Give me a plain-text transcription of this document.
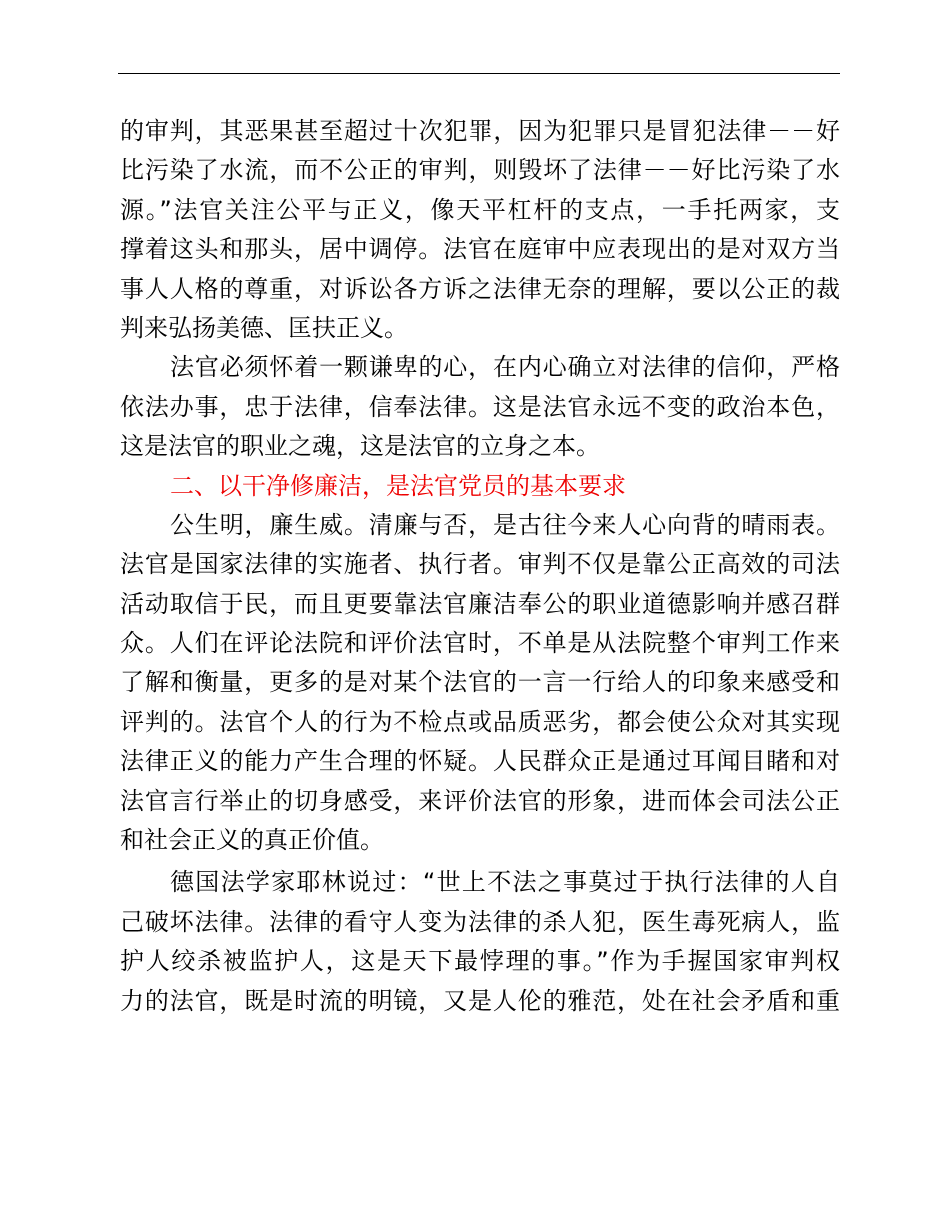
的审判，其恶果甚至超过十次犯罪，因为犯罪只是冒犯法律－－好
比污染了水流，而不公正的审判，则毁坏了法律－－好比污染了水
源。”法官关注公平与正义，像天平杠杆的支点，一手托两家，支
撑着这头和那头，居中调停。法官在庭审中应表现出的是对双方当
事人人格的尊重，对诉讼各方诉之法律无奈的理解，要以公正的裁
判来弘扬美德、匡扶正义。
法官必须怀着一颗谦卑的心，在内心确立对法律的信仰，严格
依法办事，忠于法律，信奉法律。这是法官永远不变的政治本色，
这是法官的职业之魂，这是法官的立身之本。
二、以干净修廉洁，是法官党员的基本要求
公生明，廉生威。清廉与否，是古往今来人心向背的晴雨表。
法官是国家法律的实施者、执行者。审判不仅是靠公正高效的司法
活动取信于民，而且更要靠法官廉洁奉公的职业道德影响并感召群
众。人们在评论法院和评价法官时，不单是从法院整个审判工作来
了解和衡量，更多的是对某个法官的一言一行给人的印象来感受和
评判的。法官个人的行为不检点或品质恶劣，都会使公众对其实现
法律正义的能力产生合理的怀疑。人民群众正是通过耳闻目睹和对
法官言行举止的切身感受，来评价法官的形象，进而体会司法公正
和社会正义的真正价值。
德国法学家耶林说过：“世上不法之事莫过于执行法律的人自
己破坏法律。法律的看守人变为法律的杀人犯，医生毒死病人，监
护人绞杀被监护人，这是天下最悖理的事。”作为手握国家审判权
力的法官，既是时流的明镜，又是人伦的雅范，处在社会矛盾和重
